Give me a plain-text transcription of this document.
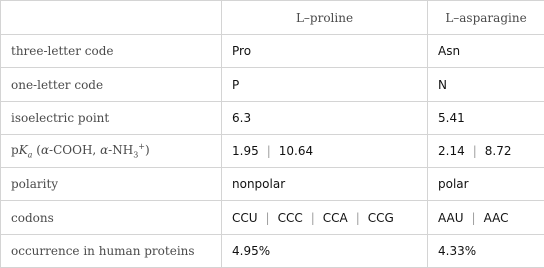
	L–proline	L–asparagine
three-letter code	Pro	Asn
one-letter code	P	N
isoelectric point	6.3	5.41
$pK_a$ (α-COOH, $\alpha-NH_3^+$)	1.95 | 10.64	2.14 | 8.72
polarity	nonpolar	polar
codons	CCU | CCC | CCA | CCG	AAU | AAC
occurrence in human proteins	4.95%	4.33%
